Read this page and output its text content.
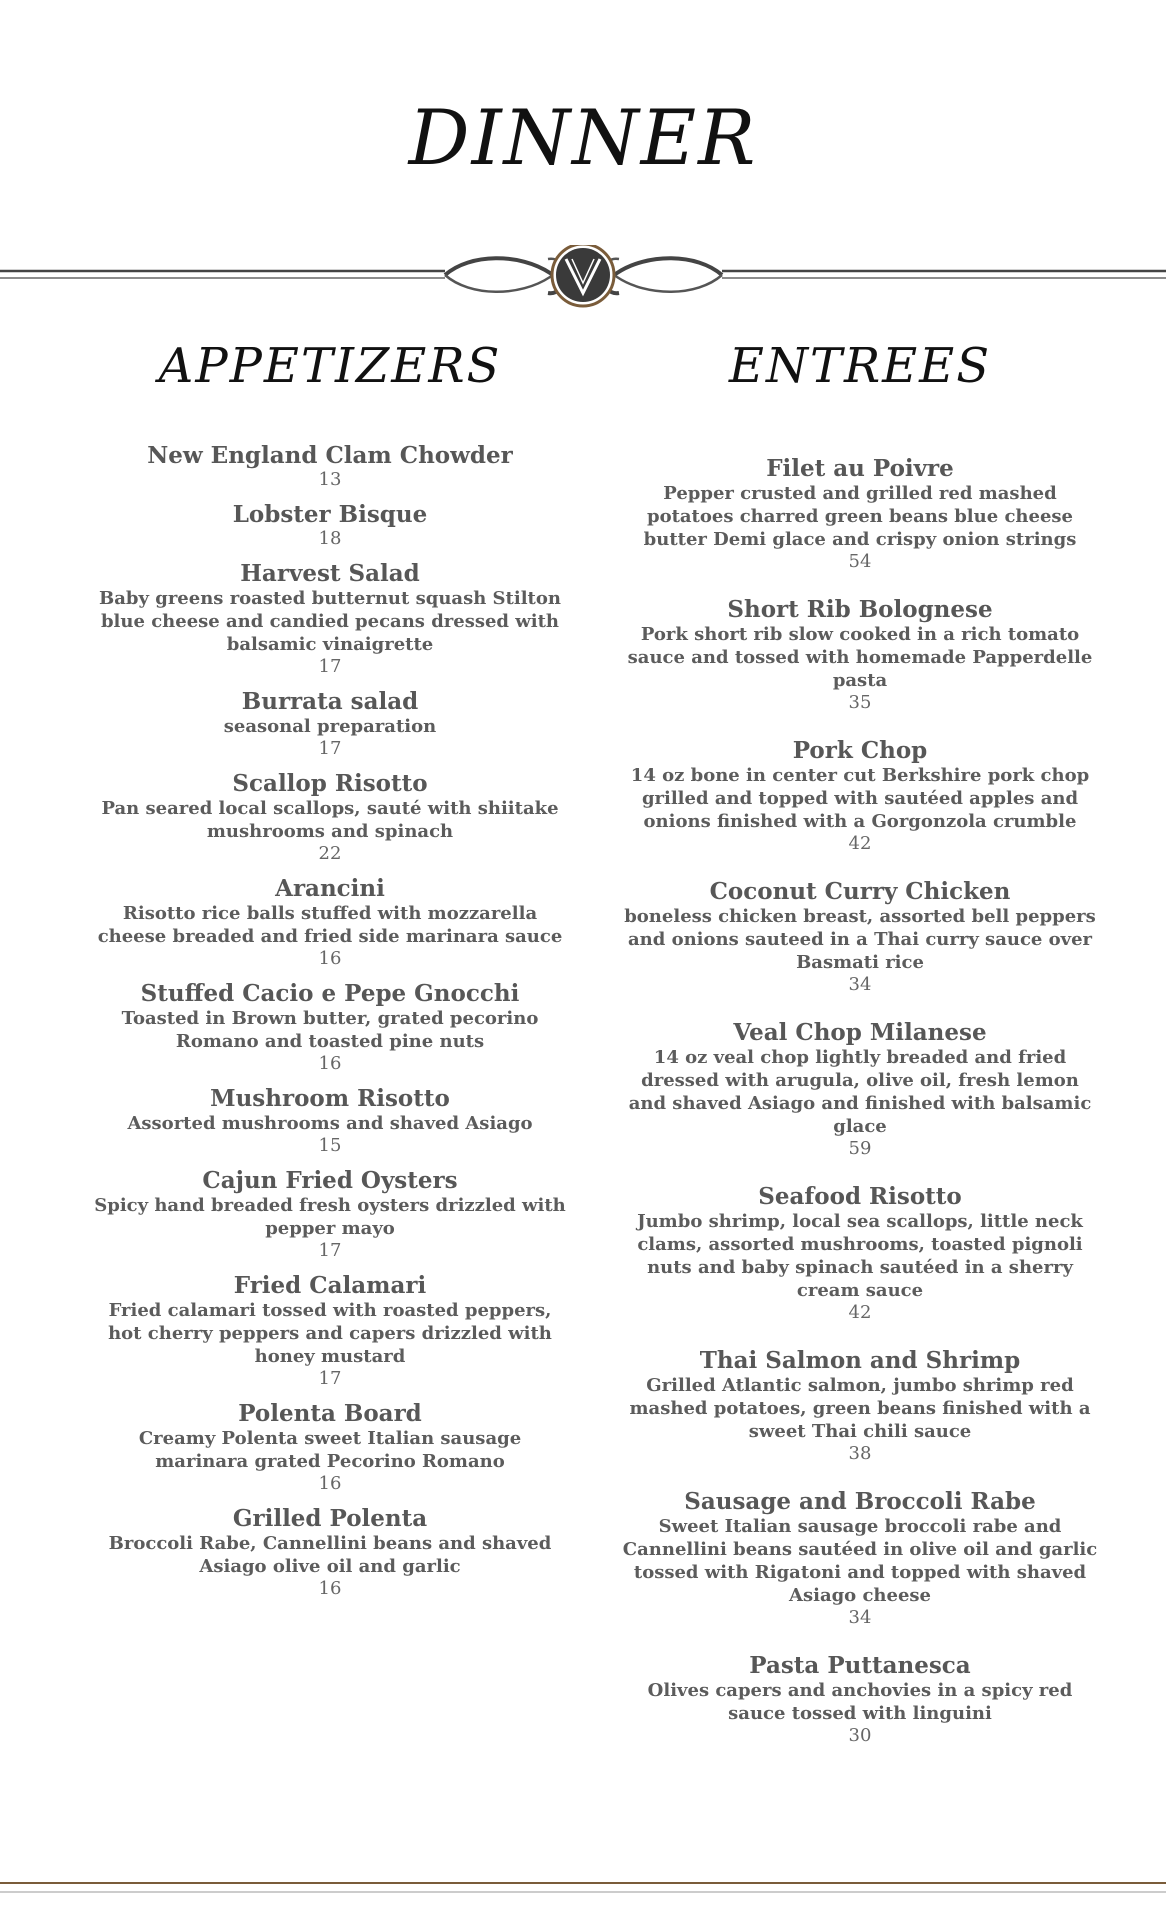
DINNER
APPETIZERS	ENTREES
New England Clam Chowder
13
Lobster Bisque
18
Harvest Salad
Baby greens roasted butternut squash Stilton blue cheese and candied pecans dressed with balsamic vinaigrette
17
Burrata salad
seasonal preparation
17
Scallop Risotto
Pan seared local scallops, sauté with shiitake mushrooms and spinach
22
Arancini
Risotto rice balls stuffed with mozzarella cheese breaded and fried side marinara sauce
16
Stuffed Cacio e Pepe Gnocchi
Toasted in Brown butter, grated pecorino Romano and toasted pine nuts
16
Mushroom Risotto
Assorted mushrooms and shaved Asiago
15
Cajun Fried Oysters
Spicy hand breaded fresh oysters drizzled with pepper mayo
17
Fried Calamari
Fried calamari tossed with roasted peppers, hot cherry peppers and capers drizzled with honey mustard
17
Polenta Board
Creamy Polenta sweet Italian sausage marinara grated Pecorino Romano
16
Grilled Polenta
Broccoli Rabe, Cannellini beans and shaved Asiago olive oil and garlic
16
Filet au Poivre
Pepper crusted and grilled red mashed potatoes charred green beans blue cheese butter Demi glace and crispy onion strings
54
Short Rib Bolognese
Pork short rib slow cooked in a rich tomato sauce and tossed with homemade Papperdelle pasta
35
Pork Chop
14 oz bone in center cut Berkshire pork chop grilled and topped with sautéed apples and onions finished with a Gorgonzola crumble
42
Coconut Curry Chicken
boneless chicken breast, assorted bell peppers and onions sauteed in a Thai curry sauce over Basmati rice
34
Veal Chop Milanese
14 oz veal chop lightly breaded and fried dressed with arugula, olive oil, fresh lemon and shaved Asiago and finished with balsamic glace
59
Seafood Risotto
Jumbo shrimp, local sea scallops, little neck clams, assorted mushrooms, toasted pignoli nuts and baby spinach sautéed in a sherry cream sauce
42
Thai Salmon and Shrimp
Grilled Atlantic salmon, jumbo shrimp red mashed potatoes, green beans finished with a sweet Thai chili sauce
38
Sausage and Broccoli Rabe
Sweet Italian sausage broccoli rabe and Cannellini beans sautéed in olive oil and garlic tossed with Rigatoni and topped with shaved Asiago cheese
34
Pasta Puttanesca
Olives capers and anchovies in a spicy red sauce tossed with linguini
30
